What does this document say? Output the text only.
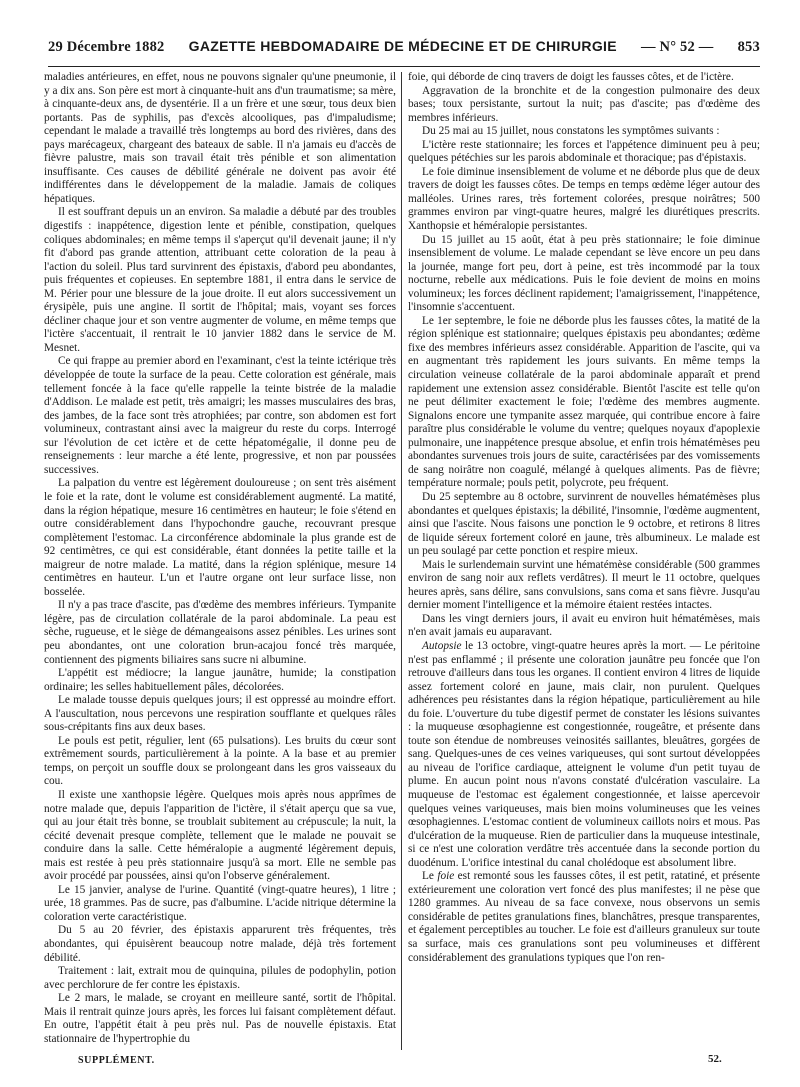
29 Décembre 1882 GAZETTE HEBDOMADAIRE DE MÉDECINE ET DE CHIRURGIE — N° 52 — 853

maladies antérieures, en effet, nous ne pouvons signaler qu'une pneumonie, il y a dix ans. Son père est mort à cinquante-huit ans d'un traumatisme; sa mère, à cinquante-deux ans, de dysentérie. Il a un frère et une sœur, tous deux bien portants. Pas de syphilis, pas d'excès alcooliques, pas d'impaludisme; cependant le malade a travaillé très longtemps au bord des rivières, dans des pays marécageux, chargeant des bateaux de sable. Il n'a jamais eu d'accès de fièvre palustre, mais son travail était très pénible et son alimentation insuffisante. Ces causes de débilité générale ne doivent pas avoir été indifférentes dans le développement de la maladie. Jamais de coliques hépatiques.

Il est souffrant depuis un an environ. Sa maladie a débuté par des troubles digestifs : inappétence, digestion lente et pénible, constipation, quelques coliques abdominales; en même temps il s'aperçut qu'il devenait jaune; il n'y fit d'abord pas grande attention, attribuant cette coloration de la peau à l'action du soleil. Plus tard survinrent des épistaxis, d'abord peu abondantes, puis fréquentes et copieuses. En septembre 1881, il entra dans le service de M. Périer pour une blessure de la joue droite. Il eut alors successivement un érysipèle, puis une angine. Il sortit de l'hôpital; mais, voyant ses forces décliner chaque jour et son ventre augmenter de volume, en même temps que l'ictère s'accentuait, il rentrait le 10 janvier 1882 dans le service de M. Mesnet.

Ce qui frappe au premier abord en l'examinant, c'est la teinte ictérique très développée de toute la surface de la peau. Cette coloration est générale, mais tellement foncée à la face qu'elle rappelle la teinte bistrée de la maladie d'Addison. Le malade est petit, très amaigri; les masses musculaires des bras, des jambes, de la face sont très atrophiées; par contre, son abdomen est fort volumineux, contrastant ainsi avec la maigreur du reste du corps. Interrogé sur l'évolution de cet ictère et de cette hépatomégalie, il donne peu de renseignements : leur marche a été lente, progressive, et non par poussées successives.

La palpation du ventre est légèrement douloureuse ; on sent très aisément le foie et la rate, dont le volume est considérablement augmenté. La matité, dans la région hépatique, mesure 16 centimètres en hauteur; le foie s'étend en outre considérablement dans l'hypochondre gauche, recouvrant presque complètement l'estomac. La circonférence abdominale la plus grande est de 92 centimètres, ce qui est considérable, étant données la petite taille et la maigreur de notre malade. La matité, dans la région splénique, mesure 14 centimètres en hauteur. L'un et l'autre organe ont leur surface lisse, non bosselée.

Il n'y a pas trace d'ascite, pas d'œdème des membres inférieurs. Tympanite légère, pas de circulation collatérale de la paroi abdominale. La peau est sèche, rugueuse, et le siège de démangeaisons assez pénibles. Les urines sont peu abondantes, ont une coloration brun-acajou foncé très marquée, contiennent des pigments biliaires sans sucre ni albumine.

L'appétit est médiocre; la langue jaunâtre, humide; la constipation ordinaire; les selles habituellement pâles, décolorées.

Le malade tousse depuis quelques jours; il est oppressé au moindre effort. A l'auscultation, nous percevons une respiration soufflante et quelques râles sous-crépitants fins aux deux bases.

Le pouls est petit, régulier, lent (65 pulsations). Les bruits du cœur sont extrêmement sourds, particulièrement à la pointe. A la base et au premier temps, on perçoit un souffle doux se prolongeant dans les gros vaisseaux du cou.

Il existe une xanthopsie légère. Quelques mois après nous apprîmes de notre malade que, depuis l'apparition de l'ictère, il s'était aperçu que sa vue, qui au jour était très bonne, se troublait subitement au crépuscule; la nuit, la cécité devenait presque complète, tellement que le malade ne pouvait se conduire dans la salle. Cette héméralopie a augmenté légèrement depuis, mais est restée à peu près stationnaire jusqu'à sa mort. Elle ne semble pas avoir procédé par poussées, ainsi qu'on l'observe généralement.

Le 15 janvier, analyse de l'urine. Quantité (vingt-quatre heures), 1 litre ; urée, 18 grammes. Pas de sucre, pas d'albumine. L'acide nitrique détermine la coloration verte caractéristique.

Du 5 au 20 février, des épistaxis apparurent très fréquentes, très abondantes, qui épuisèrent beaucoup notre malade, déjà très fortement débilité.

Traitement : lait, extrait mou de quinquina, pilules de podophylin, potion avec perchlorure de fer contre les épistaxis.

Le 2 mars, le malade, se croyant en meilleure santé, sortit de l'hôpital. Mais il rentrait quinze jours après, les forces lui faisant complètement défaut. En outre, l'appétit était à peu près nul. Pas de nouvelle épistaxis. Etat stationnaire de l'hypertrophie du

foie, qui déborde de cinq travers de doigt les fausses côtes, et de l'ictère.

Aggravation de la bronchite et de la congestion pulmonaire des deux bases; toux persistante, surtout la nuit; pas d'ascite; pas d'œdème des membres inférieurs.

Du 25 mai au 15 juillet, nous constatons les symptômes suivants :

L'ictère reste stationnaire; les forces et l'appétence diminuent peu à peu; quelques pétéchies sur les parois abdominale et thoracique; pas d'épistaxis.

Le foie diminue insensiblement de volume et ne déborde plus que de deux travers de doigt les fausses côtes. De temps en temps œdème léger autour des malléoles. Urines rares, très fortement colorées, presque noirâtres; 500 grammes environ par vingt-quatre heures, malgré les diurétiques prescrits. Xanthopsie et héméralopie persistantes.

Du 15 juillet au 15 août, état à peu près stationnaire; le foie diminue insensiblement de volume. Le malade cependant se lève encore un peu dans la journée, mange fort peu, dort à peine, est très incommodé par la toux nocturne, rebelle aux médications. Puis le foie devient de moins en moins volumineux; les forces déclinent rapidement; l'amaigrissement, l'inappétence, l'insomnie s'accentuent.

Le 1er septembre, le foie ne déborde plus les fausses côtes, la matité de la région splénique est stationnaire; quelques épistaxis peu abondantes; œdème fixe des membres inférieurs assez considérable. Apparition de l'ascite, qui va en augmentant très rapidement les jours suivants. En même temps la circulation veineuse collatérale de la paroi abdominale apparaît et prend rapidement une extension assez considérable. Bientôt l'ascite est telle qu'on ne peut délimiter exactement le foie; l'œdème des membres augmente. Signalons encore une tympanite assez marquée, qui contribue encore à faire paraître plus considérable le volume du ventre; quelques noyaux d'apoplexie pulmonaire, une inappétence presque absolue, et enfin trois hématémèses peu abondantes survenues trois jours de suite, caractérisées par des vomissements de sang noirâtre non coagulé, mélangé à quelques aliments. Pas de fièvre; température normale; pouls petit, polycrote, peu fréquent.

Du 25 septembre au 8 octobre, survinrent de nouvelles hématémèses plus abondantes et quelques épistaxis; la débilité, l'insomnie, l'œdème augmentent, ainsi que l'ascite. Nous faisons une ponction le 9 octobre, et retirons 8 litres de liquide séreux fortement coloré en jaune, très albumineux. Le malade est un peu soulagé par cette ponction et respire mieux.

Mais le surlendemain survint une hématémèse considérable (500 grammes environ de sang noir aux reflets verdâtres). Il meurt le 11 octobre, quelques heures après, sans délire, sans convulsions, sans coma et sans fièvre. Jusqu'au dernier moment l'intelligence et la mémoire étaient restées intactes.

Dans les vingt derniers jours, il avait eu environ huit hématémèses, mais n'en avait jamais eu auparavant.

Autopsie le 13 octobre, vingt-quatre heures après la mort. — Le péritoine n'est pas enflammé ; il présente une coloration jaunâtre peu foncée que l'on retrouve d'ailleurs dans tous les organes. Il contient environ 4 litres de liquide assez fortement coloré en jaune, mais clair, non purulent. Quelques adhérences peu résistantes dans la région hépatique, particulièrement au hile du foie. L'ouverture du tube digestif permet de constater les lésions suivantes : la muqueuse œsophagienne est congestionnée, rougeâtre, et présente dans toute son étendue de nombreuses veinosités saillantes, bleuâtres, gorgées de sang. Quelques-unes de ces veines variqueuses, qui sont surtout développées au niveau de l'orifice cardiaque, atteignent le volume d'un petit tuyau de plume. En aucun point nous n'avons constaté d'ulcération vasculaire. La muqueuse de l'estomac est également congestionnée, et laisse apercevoir quelques veines variqueuses, mais bien moins volumineuses que les veines œsophagiennes. L'estomac contient de volumineux caillots noirs et mous. Pas d'ulcération de la muqueuse. Rien de particulier dans la muqueuse intestinale, si ce n'est une coloration verdâtre très accentuée dans la seconde portion du duodénum. L'orifice intestinal du canal cholédoque est absolument libre.

Le foie est remonté sous les fausses côtes, il est petit, ratatiné, et présente extérieurement une coloration vert foncé des plus manifestes; il ne pèse que 1280 grammes. Au niveau de sa face convexe, nous observons un semis considérable de petites granulations fines, blanchâtres, presque transparentes, et également perceptibles au toucher. Le foie est d'ailleurs granuleux sur toute sa surface, mais ces granulations sont peu volumineuses et diffèrent considérablement des granulations typiques que l'on ren-

SUPPLÉMENT.	52.
